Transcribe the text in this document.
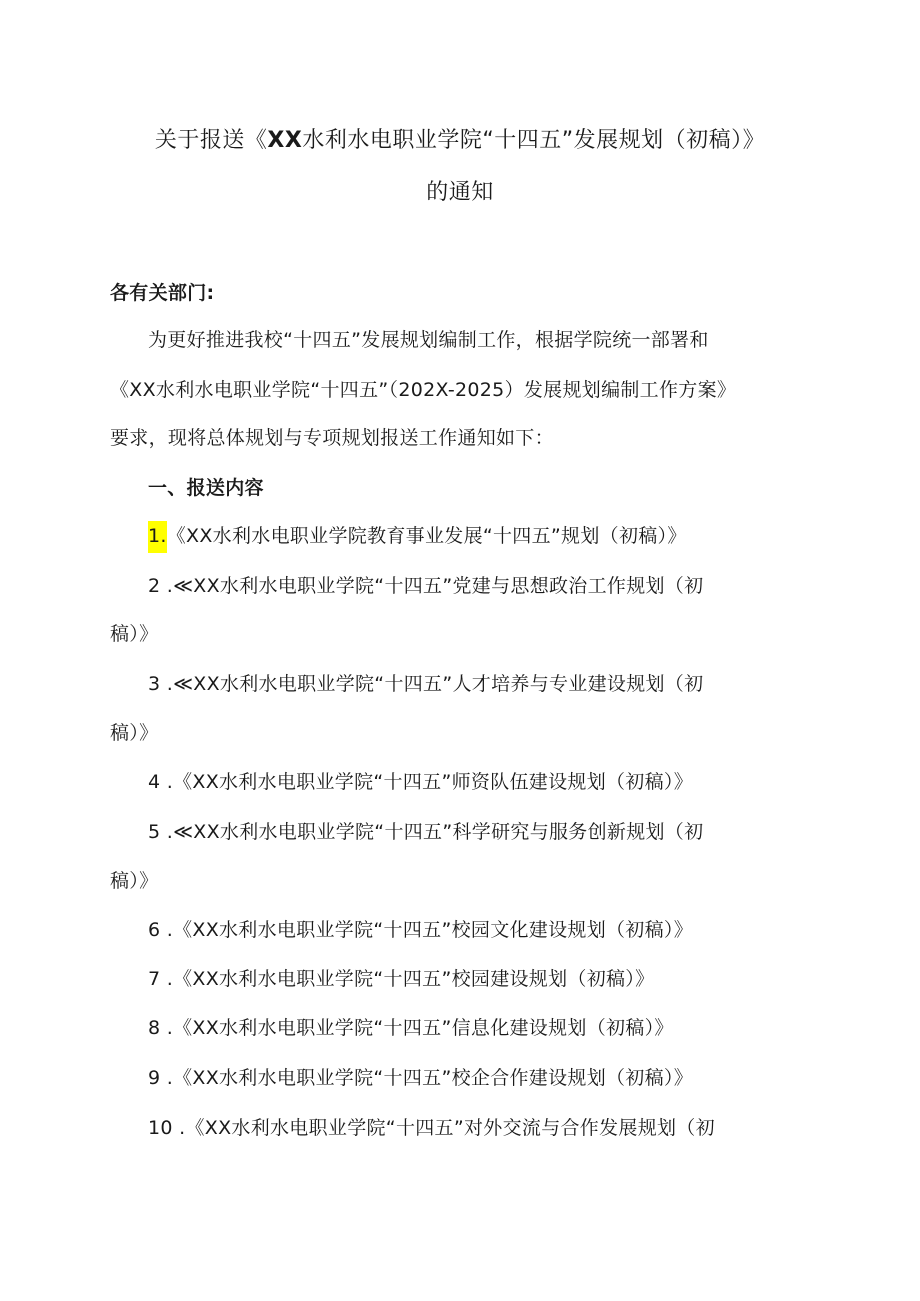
关于报送《XX水利水电职业学院“十四五”发展规划（初稿）》
的通知
各有关部门:
为更好推进我校“十四五”发展规划编制工作，根据学院统一部署和
《XX水利水电职业学院“十四五”（202X-2025）发展规划编制工作方案》
要求，现将总体规划与专项规划报送工作通知如下：
一、报送内容
1.《XX水利水电职业学院教育事业发展“十四五”规划（初稿）》
2 .≪XX水利水电职业学院“十四五”党建与思想政治工作规划（初
稿）》
3 .≪XX水利水电职业学院“十四五”人才培养与专业建设规划（初
稿）》
4 .《XX水利水电职业学院“十四五”师资队伍建设规划（初稿）》
5 .≪XX水利水电职业学院“十四五”科学研究与服务创新规划（初
稿）》
6 .《XX水利水电职业学院“十四五”校园文化建设规划（初稿）》
7 .《XX水利水电职业学院“十四五”校园建设规划（初稿）》
8 .《XX水利水电职业学院“十四五”信息化建设规划（初稿）》
9 .《XX水利水电职业学院“十四五”校企合作建设规划（初稿）》
10 .《XX水利水电职业学院“十四五”对外交流与合作发展规划（初
